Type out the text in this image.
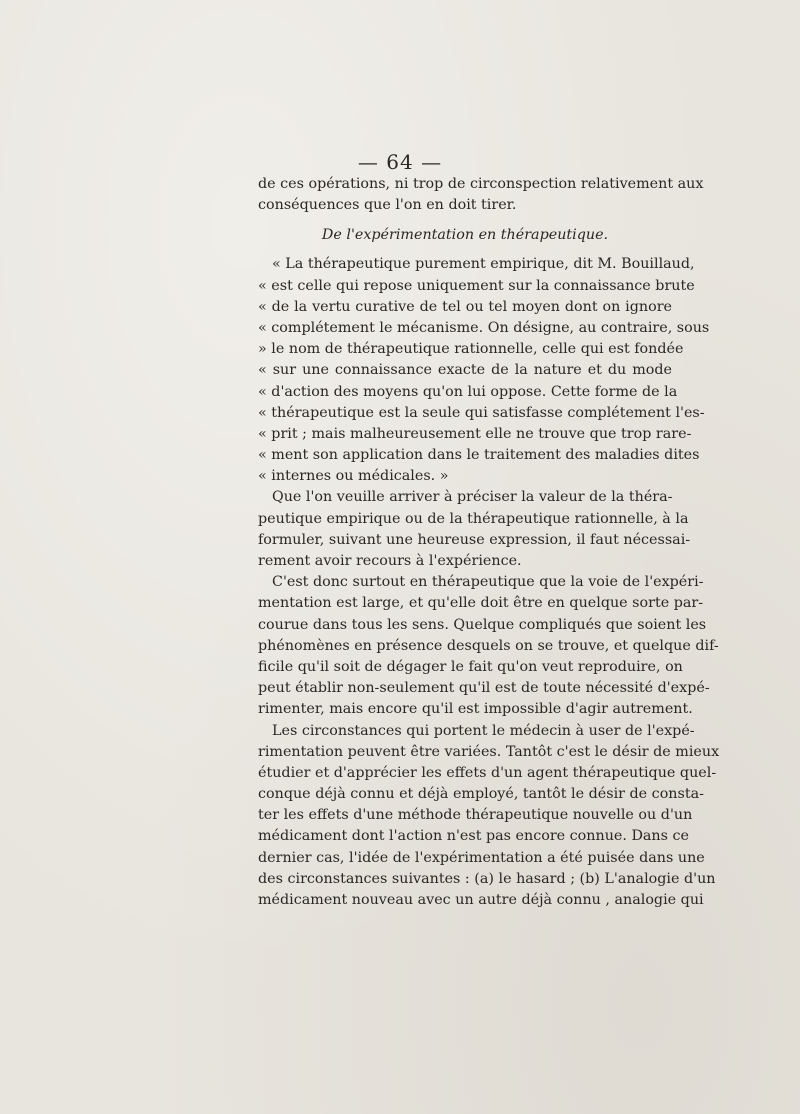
— 64 —
de ces opérations, ni trop de circonspection relativement aux
conséquences que l'on en doit tirer.
De l'expérimentation en thérapeutique.
« La thérapeutique purement empirique, dit M. Bouillaud,
« est celle qui repose uniquement sur la connaissance brute
« de la vertu curative de tel ou tel moyen dont on ignore
« complétement le mécanisme. On désigne, au contraire, sous
» le nom de thérapeutique rationnelle, celle qui est fondée
« sur une connaissance exacte de la nature et du mode
« d'action des moyens qu'on lui oppose. Cette forme de la
« thérapeutique est la seule qui satisfasse complétement l'es-
« prit ; mais malheureusement elle ne trouve que trop rare-
« ment son application dans le traitement des maladies dites
« internes ou médicales. »
Que l'on veuille arriver à préciser la valeur de la théra-
peutique empirique ou de la thérapeutique rationnelle, à la
formuler, suivant une heureuse expression, il faut nécessai-
rement avoir recours à l'expérience.
C'est donc surtout en thérapeutique que la voie de l'expéri-
mentation est large, et qu'elle doit être en quelque sorte par-
courue dans tous les sens. Quelque compliqués que soient les
phénomènes en présence desquels on se trouve, et quelque dif-
ficile qu'il soit de dégager le fait qu'on veut reproduire, on
peut établir non-seulement qu'il est de toute nécessité d'expé-
rimenter, mais encore qu'il est impossible d'agir autrement.
Les circonstances qui portent le médecin à user de l'expé-
rimentation peuvent être variées. Tantôt c'est le désir de mieux
étudier et d'apprécier les effets d'un agent thérapeutique quel-
conque déjà connu et déjà employé, tantôt le désir de consta-
ter les effets d'une méthode thérapeutique nouvelle ou d'un
médicament dont l'action n'est pas encore connue. Dans ce
dernier cas, l'idée de l'expérimentation a été puisée dans une
des circonstances suivantes : (a) le hasard ; (b) L'analogie d'un
médicament nouveau avec un autre déjà connu , analogie qui
